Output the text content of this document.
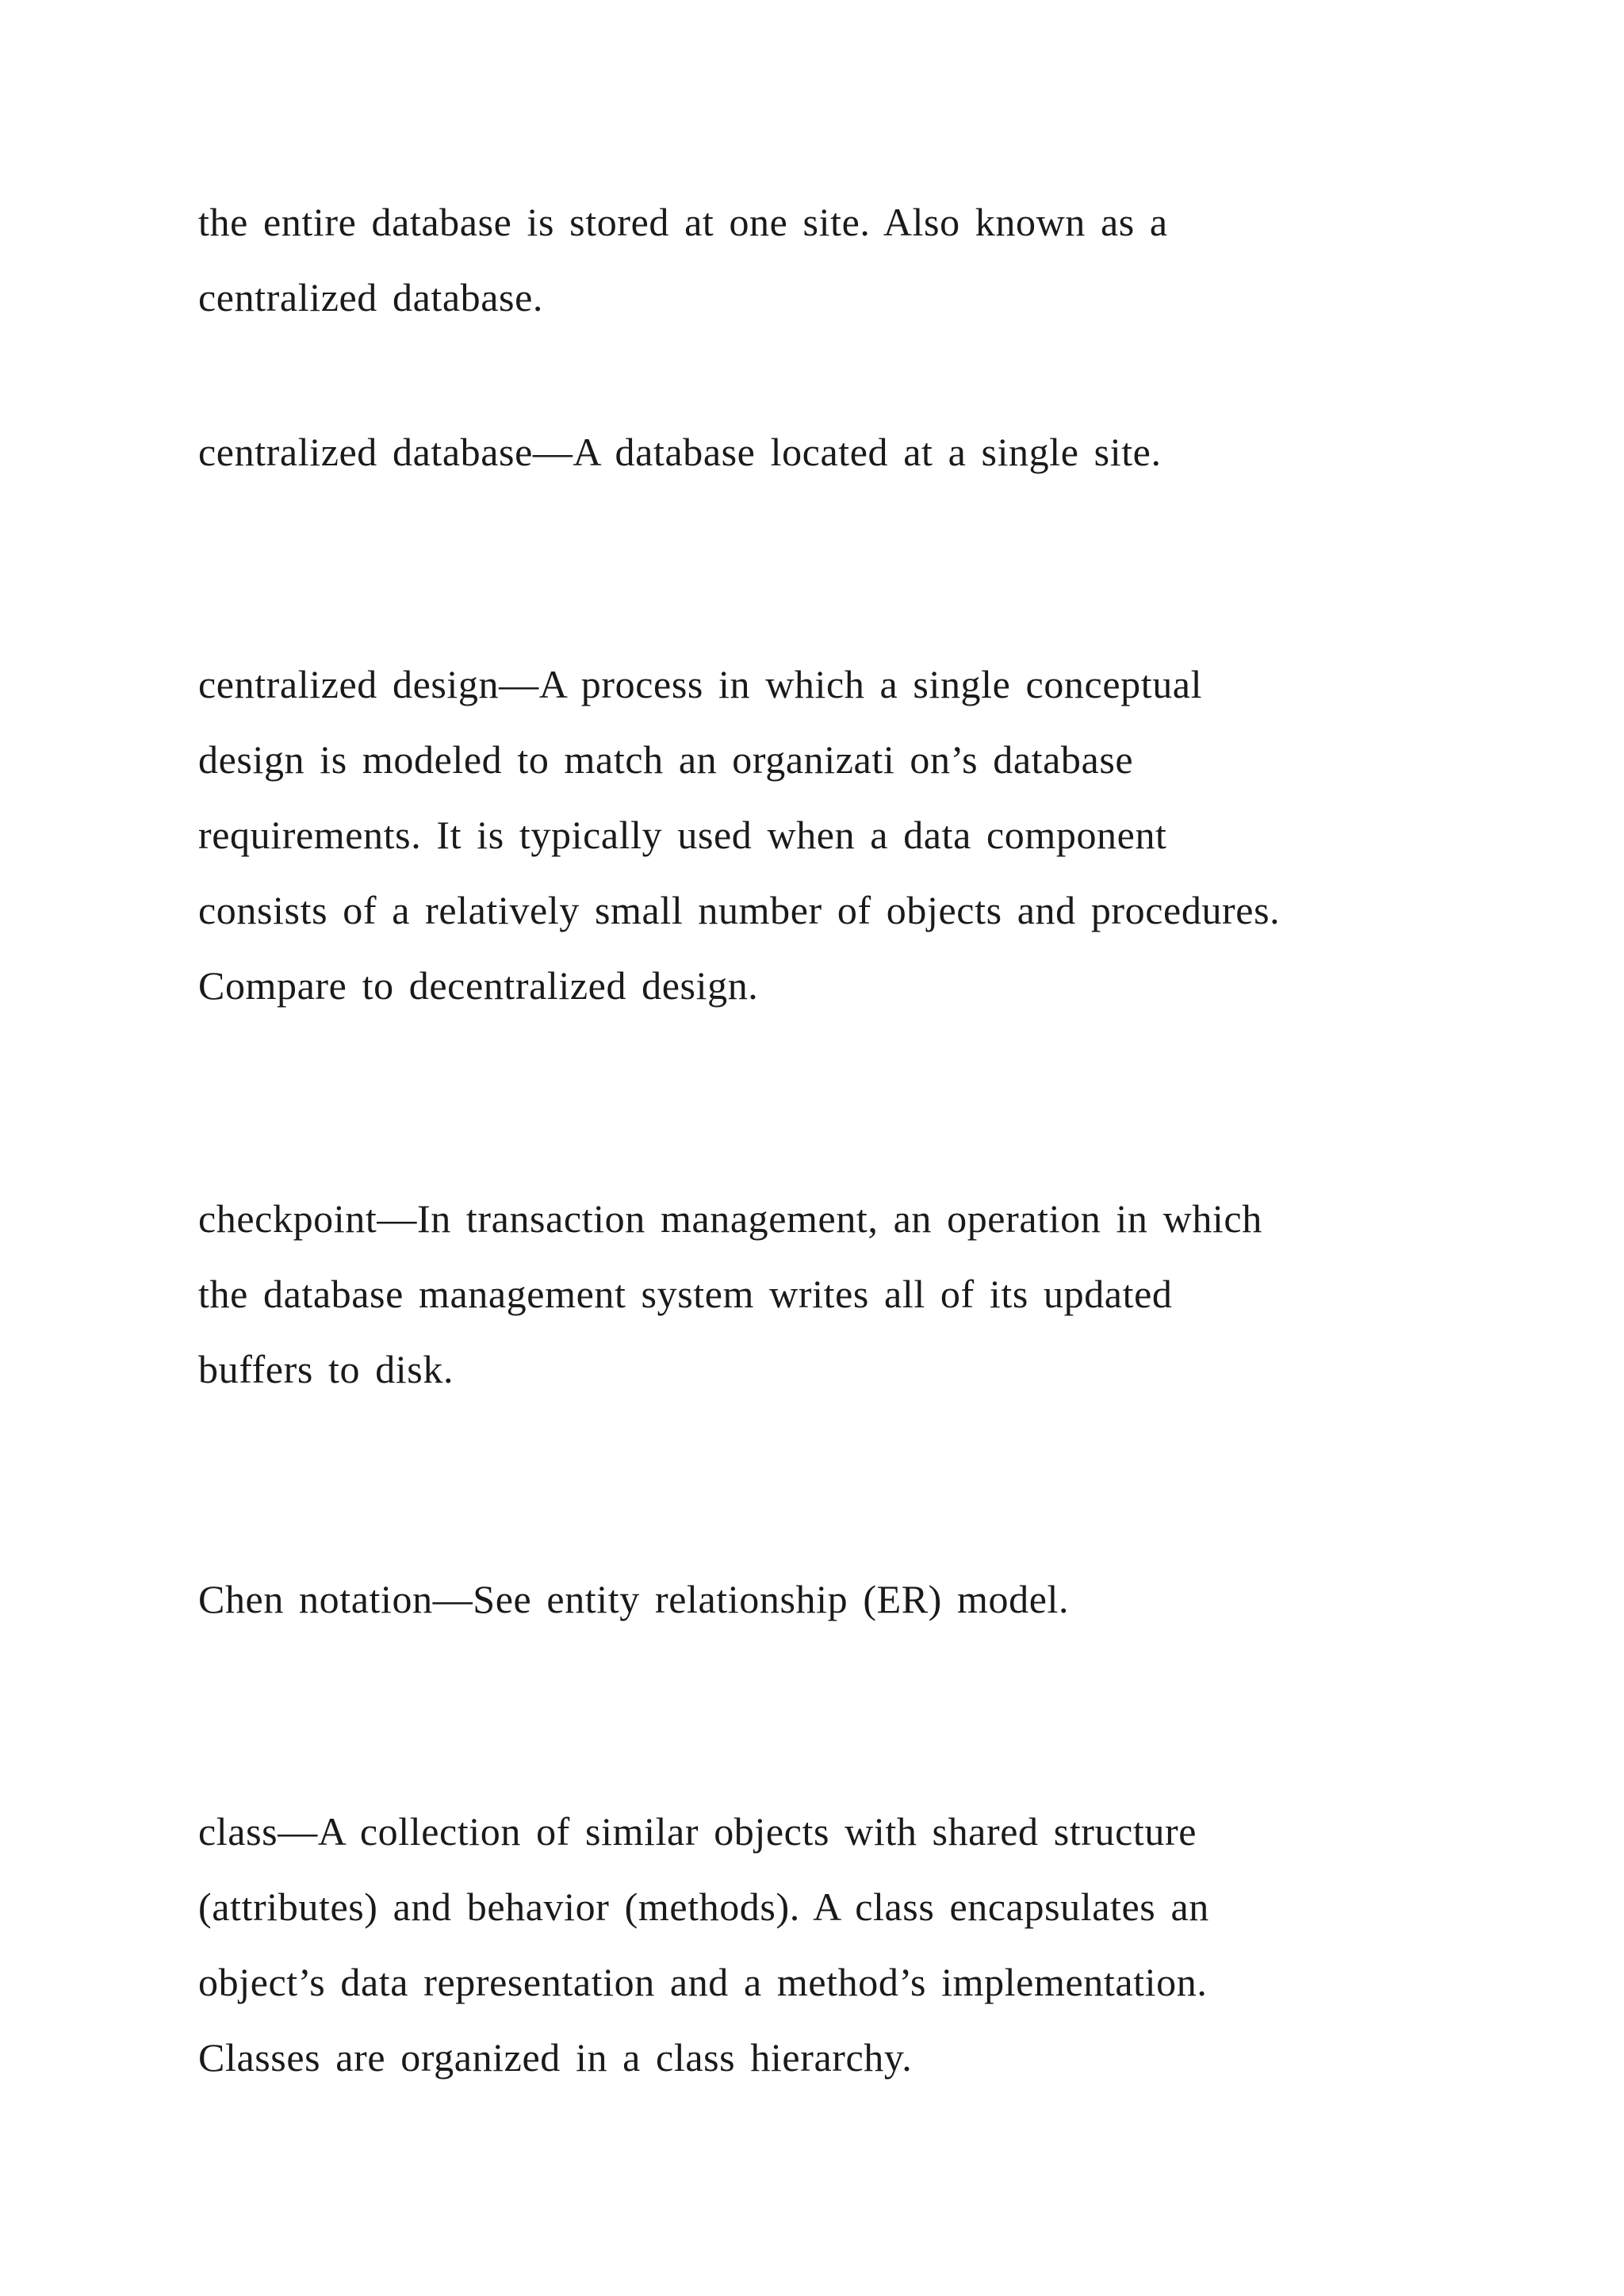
the entire database is stored at one site. Also known as a

centralized database.

centralized database—A database located at a single site.

centralized design—A process in which a single conceptual

design is modeled to match an organizati on’s database

requirements. It is typically used when a data component

consists of a relatively small number of objects and procedures.

Compare to decentralized design.

checkpoint—In transaction management, an operation in which

the database management system writes all of its updated

buffers to disk.

Chen notation—See entity relationship (ER) model.

class—A collection of similar objects with shared structure

(attributes) and behavior (methods). A class encapsulates an

object’s data representation and a method’s implementation.

Classes are organized in a class hierarchy.
